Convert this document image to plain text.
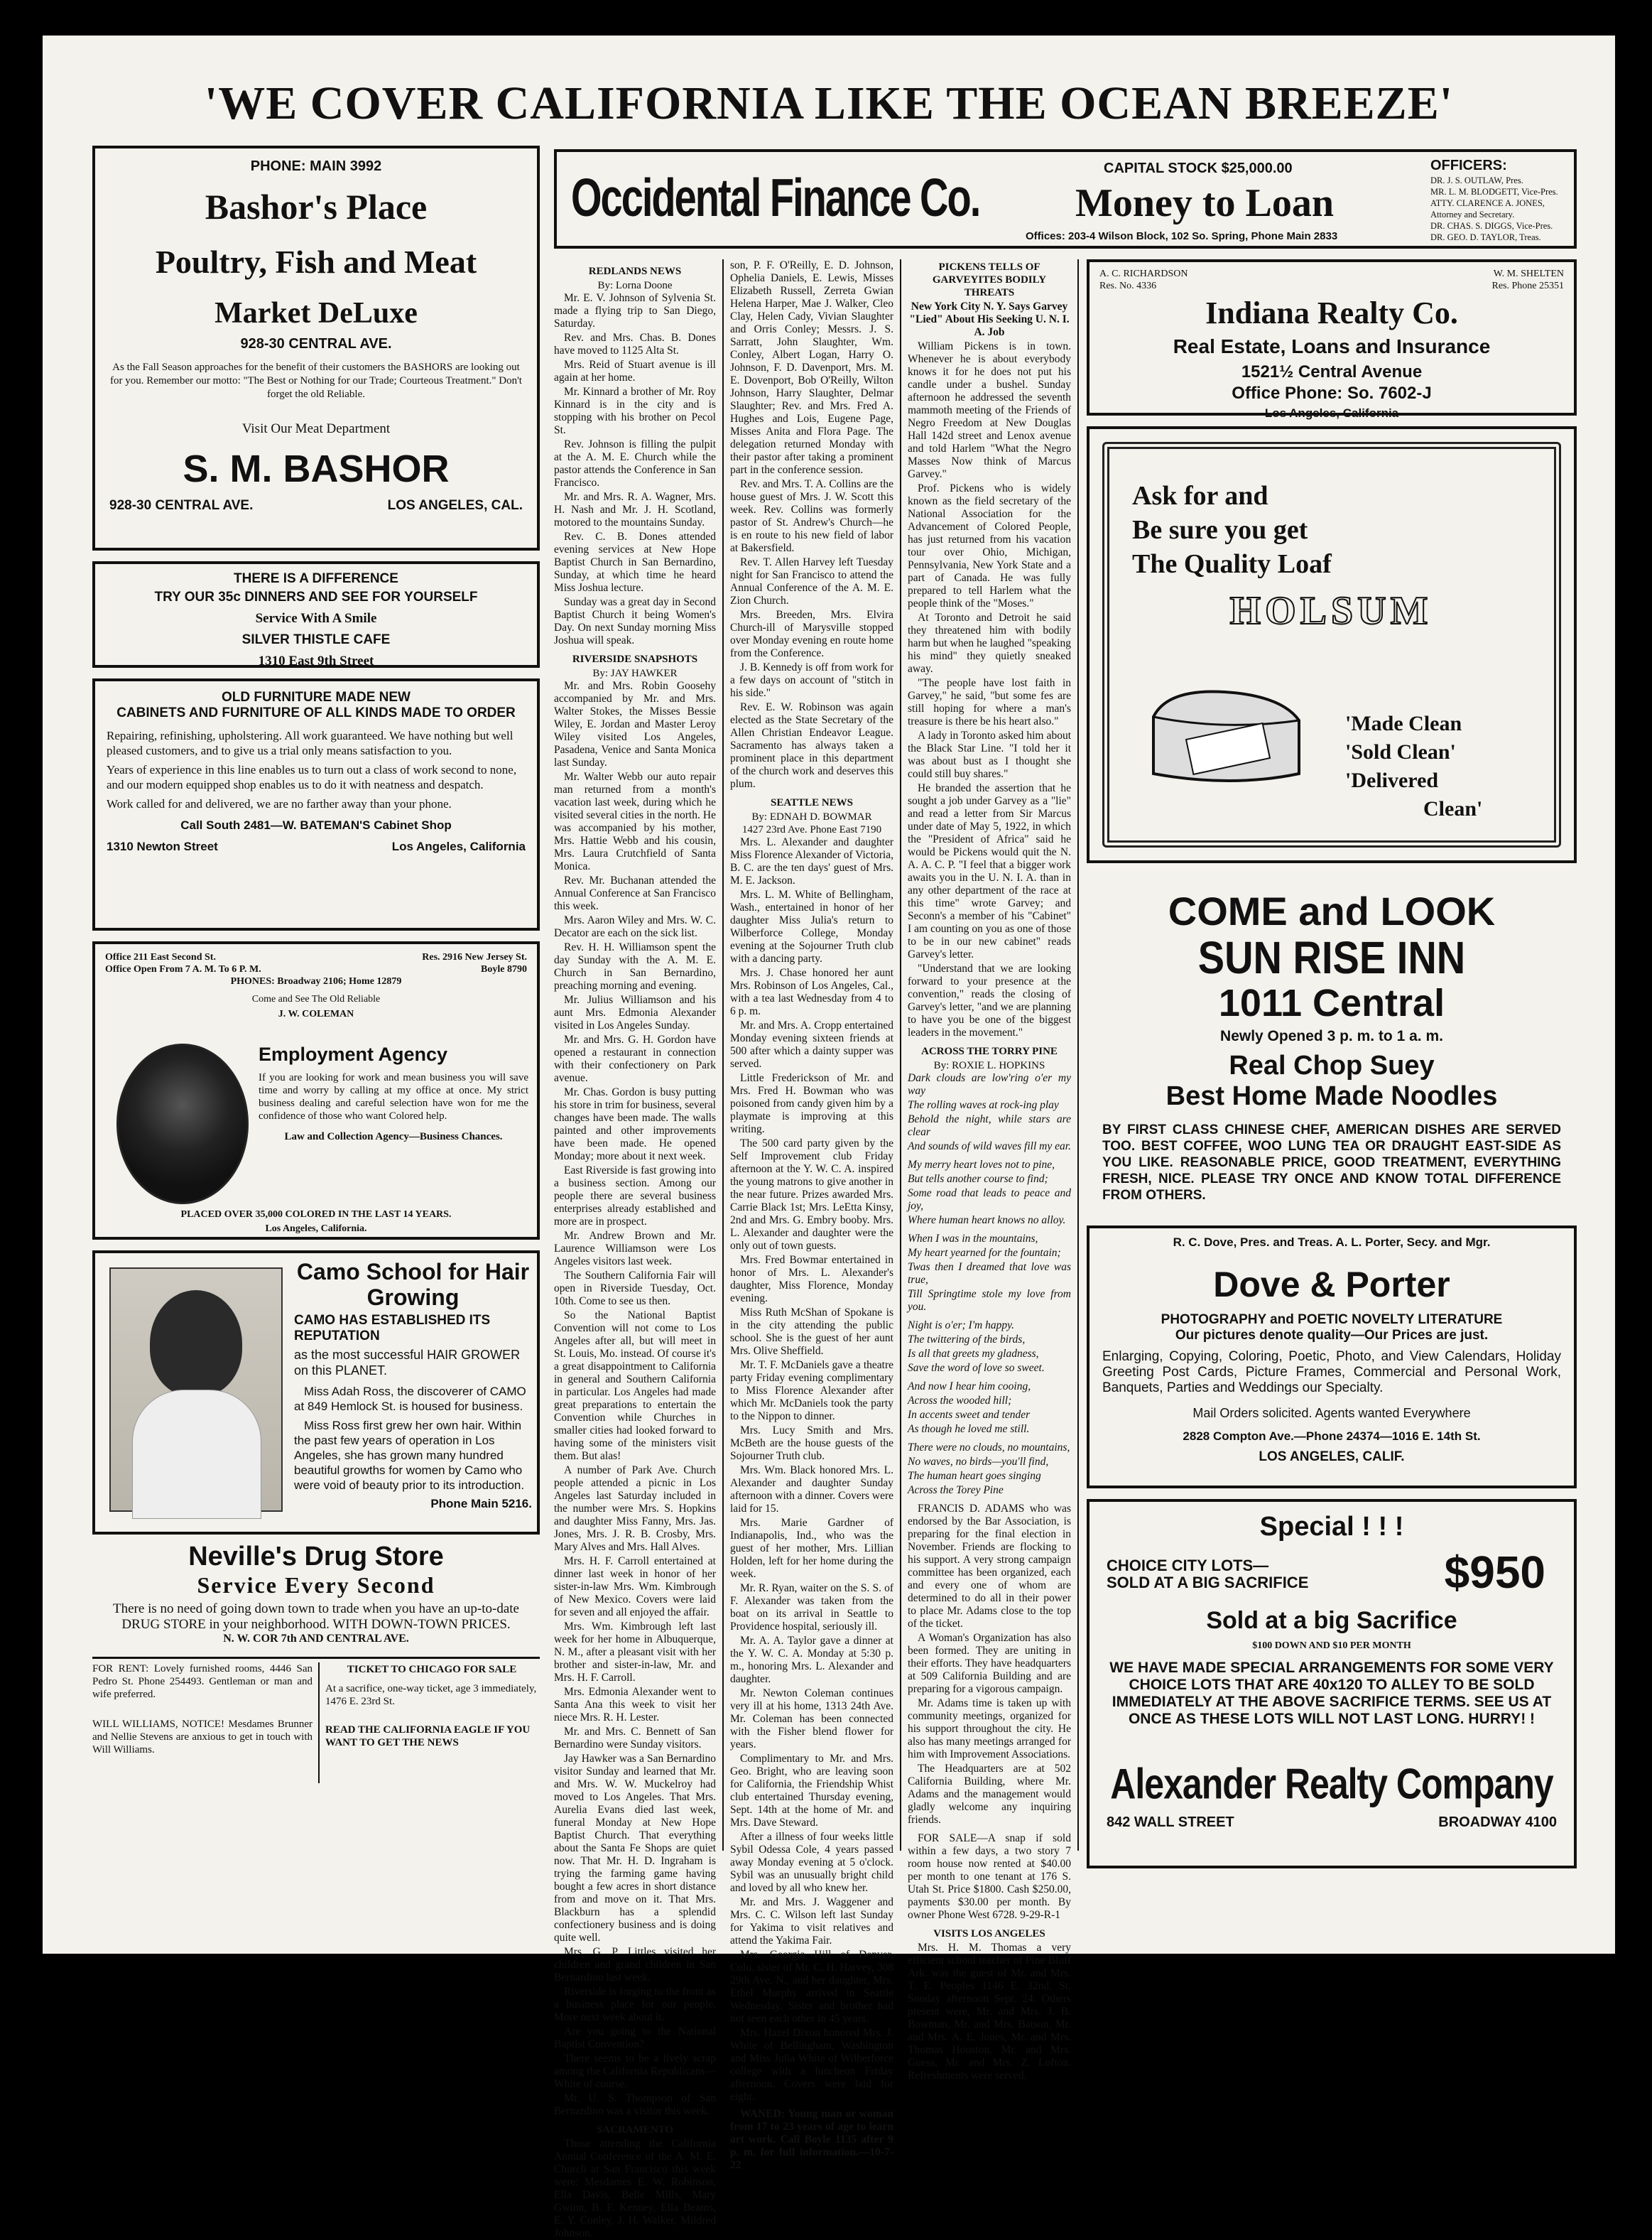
'WE COVER CALIFORNIA LIKE THE OCEAN BREEZE'
PHONE: MAIN 3992
Bashor's Place
Poultry, Fish and Meat
Market DeLuxe
928-30 CENTRAL AVE.
As the Fall Season approaches for the benefit of their customers the BASHORS are looking out for you. Remember our motto: "The Best or Nothing for our Trade; Courteous Treatment." Don't forget the old Reliable.
Visit Our Meat Department
S. M. BASHOR
928-30 CENTRAL AVE.	LOS ANGELES, CAL.
THERE IS A DIFFERENCE
TRY OUR 35c DINNERS AND SEE FOR YOURSELF
Service With A Smile
SILVER THISTLE CAFE
1310 East 9th Street
OLD FURNITURE MADE NEW
CABINETS AND FURNITURE OF ALL KINDS MADE TO ORDER

Repairing, refinishing, upholstering. All work guaranteed. We have nothing but well pleased customers, and to give us a trial only means satisfaction to you.

Years of experience in this line enables us to turn out a class of work second to none, and our modern equipped shop enables us to do it with neatness and despatch.

Work called for and delivered, we are no farther away than your phone.

Call South 2481—W. BATEMAN'S Cabinet Shop
1310 Newton Street	Los Angeles, California
Office 211 East Second St.	Res. 2916 New Jersey St.
Office Open From 7 A. M. To 6 P. M.	Boyle 8790
PHONES: Broadway 2106; Home 12879
Come and See The Old Reliable
J. W. COLEMAN
Employment Agency
If you are looking for work and mean business you will save time and worry by calling at my office at once. My strict business dealing and careful selection have won for me the confidence of those who want Colored help.
Law and Collection Agency—Business Chances.
PLACED OVER 35,000 COLORED IN THE LAST 14 YEARS.
Los Angeles, California.
Camo School for Hair Growing
CAMO HAS ESTABLISHED ITS REPUTATION
as the most successful HAIR GROWER on this PLANET.
Miss Adah Ross, the discoverer of CAMO at 849 Hemlock St. is housed for business.
Miss Ross first grew her own hair. Within the past few years of operation in Los Angeles, she has grown many hundred beautiful growths for women by Camo who were void of beauty prior to its introduction.
Phone Main 5216.
Neville's Drug Store
Service Every Second
There is no need of going down town to trade when you have an up-to-date DRUG STORE in your neighborhood. WITH DOWN-TOWN PRICES.
N. W. COR 7th AND CENTRAL AVE.
FOR RENT: Lovely furnished rooms, 4446 San Pedro St. Phone 254493. Gentleman or man and wife preferred.
WILL WILLIAMS, NOTICE! Mesdames Brunner and Nellie Stevens are anxious to get in touch with Will Williams.
TICKET TO CHICAGO FOR SALE
At a sacrifice, one-way ticket, age 3 immediately, 1476 E. 23rd St.
READ THE CALIFORNIA EAGLE IF YOU WANT TO GET THE NEWS
Occidental Finance Co.	CAPITAL STOCK $25,000.00
Money to Loan
Offices: 203-4 Wilson Block, 102 So. Spring, Phone Main 2833
OFFICERS:
DR. J. S. OUTLAW, Pres.
MR. L. M. BLODGETT, Vice-Pres.
ATTY. CLARENCE A. JONES, Attorney and Secretary.
DR. CHAS. S. DIGGS, Vice-Pres.
DR. GEO. D. TAYLOR, Treas.
REDLANDS NEWS
By: Lorna Doone

Mr. E. V. Johnson of Sylvenia St. made a flying trip to San Diego, Saturday.

Rev. and Mrs. Chas. B. Dones have moved to 1125 Alta St.

Mrs. Reid of Stuart avenue is ill again at her home.

Mr. Kinnard a brother of Mr. Roy Kinnard is in the city and is stopping with his brother on Pecol St.

Rev. Johnson is filling the pulpit at the A. M. E. Church while the pastor attends the Conference in San Francisco.

Mr. and Mrs. R. A. Wagner, Mrs. H. Nash and Mr. J. H. Scotland, motored to the mountains Sunday.

Rev. C. B. Dones attended evening services at New Hope Baptist Church in San Bernardino, Sunday, at which time he heard Miss Joshua lecture.

Sunday was a great day in Second Baptist Church it being Women's Day. On next Sunday morning Miss Joshua will speak.

RIVERSIDE SNAPSHOTS
By: JAY HAWKER

Mr. and Mrs. Robin Goosehy accompanied by Mr. and Mrs. Walter Stokes, the Misses Bessie Wiley, E. Jordan and Master Leroy Wiley visited Los Angeles, Pasadena, Venice and Santa Monica last Sunday.

Mr. Walter Webb our auto repair man returned from a month's vacation last week, during which he visited several cities in the north. He was accompanied by his mother, Mrs. Hattie Webb and his cousin, Mrs. Laura Crutchfield of Santa Monica.

Rev. Mr. Buchanan attended the Annual Conference at San Francisco this week.

Mrs. Aaron Wiley and Mrs. W. C. Decator are each on the sick list.

Rev. H. H. Williamson spent the day Sunday with the A. M. E. Church in San Bernardino, preaching morning and evening.

Mr. Julius Williamson and his aunt Mrs. Edmonia Alexander visited in Los Angeles Sunday.

Mr. and Mrs. G. H. Gordon have opened a restaurant in connection with their confectionery on Park avenue.

Mr. Chas. Gordon is busy putting his store in trim for business, several changes have been made. The walls painted and other improvements have been made. He opened Monday; more about it next week.

East Riverside is fast growing into a business section. Among our people there are several business enterprises already established and more are in prospect.

Mr. Andrew Brown and Mr. Laurence Williamson were Los Angeles visitors last week.

The Southern California Fair will open in Riverside Tuesday, Oct. 10th. Come to see us then.

So the National Baptist Convention will not come to Los Angeles after all, but will meet in St. Louis, Mo. instead. Of course it's a great disappointment to California in general and Southern California in particular. Los Angeles had made great preparations to entertain the Convention while Churches in smaller cities had looked forward to having some of the ministers visit them. But alas!

A number of Park Ave. Church people attended a picnic in Los Angeles last Saturday included in the number were Mrs. S. Hopkins and daughter Miss Fanny, Mrs. Jas. Jones, Mrs. J. R. B. Crosby, Mrs. Mary Alves and Mrs. Hall Alves.

Mrs. H. F. Carroll entertained at dinner last week in honor of her sister-in-law Mrs. Wm. Kimbrough of New Mexico. Covers were laid for seven and all enjoyed the affair.

Mrs. Wm. Kimbrough left last week for her home in Albuquerque, N. M., after a pleasant visit with her brother and sister-in-law, Mr. and Mrs. H. F. Carroll.

Mrs. Edmonia Alexander went to Santa Ana this week to visit her niece Mrs. R. H. Lester.

Mr. and Mrs. C. Bennett of San Bernardino were Sunday visitors.

Jay Hawker was a San Bernardino visitor Sunday and learned that Mr. and Mrs. W. W. Muckelroy had moved to Los Angeles. That Mrs. Aurelia Evans died last week, funeral Monday at New Hope Baptist Church. That everything about the Santa Fe Shops are quiet now. That Mr. H. D. Ingraham is trying the farming game having bought a few acres in short distance from and move on it. That Mrs. Blackburn has a splendid confectionery business and is doing quite well.

Mrs. G. P. Littles visited her children and grand children in San Bernardino last week.

Riverside is forging to the front as a business place for our people. More next week about it.

Are you going to the National Baptist Convention?

There seems to be a lively scrap among the California Republicans—White of course.

Mr. U. S. Thompson of San Bernardino was a visitor this week.

SACRAMENTO

Those attending the California Annual Conference of the A. M. E. Church at San Francisco this week were: Mesdames E. W. Robinson, Ella Davis, Belle Mills, Mary Gwinn, B. F. Kenney, Ella Beams, E. Y. Conley, J. H. Walker, Mildred Johnson.

son, P. F. O'Reilly, E. D. Johnson, Ophelia Daniels, E. Lewis, Misses Elizabeth Russell, Zerreta Gwian Helena Harper, Mae J. Walker, Cleo Clay, Helen Cady, Vivian Slaughter and Orris Conley; Messrs. J. S. Sarratt, John Slaughter, Wm. Conley, Albert Logan, Harry O. Johnson, F. D. Davenport, Mrs. M. E. Dovenport, Bob O'Reilly, Wilton Johnson, Harry Slaughter, Delmar Slaughter; Rev. and Mrs. Fred A. Hughes and Lois, Eugene Page, Misses Anita and Flora Page. The delegation returned Monday with their pastor after taking a prominent part in the conference session.

Rev. and Mrs. T. A. Collins are the house guest of Mrs. J. W. Scott this week. Rev. Collins was formerly pastor of St. Andrew's Church—he is en route to his new field of labor at Bakersfield.

Rev. T. Allen Harvey left Tuesday night for San Francisco to attend the Annual Conference of the A. M. E. Zion Church.

Mrs. Breeden, Mrs. Elvira Church-ill of Marysville stopped over Monday evening en route home from the Conference.

J. B. Kennedy is off from work for a few days on account of "stitch in his side."

Rev. E. W. Robinson was again elected as the State Secretary of the Allen Christian Endeavor League. Sacramento has always taken a prominent place in this department of the church work and deserves this plum.

SEATTLE NEWS
By: EDNAH D. BOWMAR
1427 23rd Ave. Phone East 7190

Mrs. L. Alexander and daughter Miss Florence Alexander of Victoria, B. C. are the ten days' guest of Mrs. M. E. Jackson.

Mrs. L. M. White of Bellingham, Wash., entertained in honor of her daughter Miss Julia's return to Wilberforce College, Monday evening at the Sojourner Truth club with a dancing party.

Mrs. J. Chase honored her aunt Mrs. Robinson of Los Angeles, Cal., with a tea last Wednesday from 4 to 6 p. m.

Mr. and Mrs. A. Cropp entertained Monday evening sixteen friends at 500 after which a dainty supper was served.

Little Frederickson of Mr. and Mrs. Fred H. Bowman who was poisoned from candy given him by a playmate is improving at this writing.

The 500 card party given by the Self Improvement club Friday afternoon at the Y. W. C. A. inspired the young matrons to give another in the near future. Prizes awarded Mrs. Carrie Black 1st; Mrs. LeEtta Kinsy, 2nd and Mrs. G. Embry booby. Mrs. L. Alexander and daughter were the only out of town guests.

Mrs. Fred Bowmar entertained in honor of Mrs. L. Alexander's daughter, Miss Florence, Monday evening.

Miss Ruth McShan of Spokane is in the city attending the public school. She is the guest of her aunt Mrs. Olive Sheffield.

Mr. T. F. McDaniels gave a theatre party Friday evening complimentary to Miss Florence Alexander after which Mr. McDaniels took the party to the Nippon to dinner.

Mrs. Lucy Smith and Mrs. McBeth are the house guests of the Sojourner Truth club.

Mrs. Wm. Black honored Mrs. L. Alexander and daughter Sunday afternoon with a dinner. Covers were laid for 15.

Mrs. Marie Gardner of Indianapolis, Ind., who was the guest of her mother, Mrs. Lillian Holden, left for her home during the week.

Mr. R. Ryan, waiter on the S. S. of F. Alexander was taken from the boat on its arrival in Seattle to Providence hospital, seriously ill.

Mr. A. A. Taylor gave a dinner at the Y. W. C. A. Monday at 5:30 p. m., honoring Mrs. L. Alexander and daughter.

Mr. Newton Coleman continues very ill at his home, 1313 24th Ave. Mr. Coleman has been connected with the Fisher blend flower for years.

Complimentary to Mr. and Mrs. Geo. Bright, who are leaving soon for California, the Friendship Whist club entertained Thursday evening, Sept. 14th at the home of Mr. and Mrs. Dave Steward.

After a illness of four weeks little Sybil Odessa Cole, 4 years passed away Monday evening at 5 o'clock. Sybil was an unusually bright child and loved by all who knew her.

Mr. and Mrs. J. Waggener and Mrs. C. C. Wilson left last Sunday for Yakima to visit relatives and attend the Yakima Fair.

Mrs. Georgia Hill of Denver, Colo. sister of Mr. C. H. Harvey, 308 29th Ave. N., and her daughter, Mrs. Ethel Murphy arrived in Seattle Wednesday. Sister and brother had not seen each other in 45 years.

Mrs. Hazel Dixon honored Mrs. J. White of Bellingham, Washington and Miss Julia White of Wilberforce college with a luncheon Friday afternoon. Covers were laid for eight.

WANED: Young man or woman from 17 to 23 years of age to learn art work. Call Boyle 1135 after 9 p. m. for full information.—10-7-22

PICKENS TELLS OF GARVEYITES BODILY THREATS

New York City N. Y. Says Garvey "Lied" About His Seeking U. N. I. A. Job

William Pickens is in town. Whenever he is about everybody knows it for he does not put his candle under a bushel. Sunday afternoon he addressed the seventh mammoth meeting of the Friends of Negro Freedom at New Douglas Hall 142d street and Lenox avenue and told Harlem "What the Negro Masses Now think of Marcus Garvey."

Prof. Pickens who is widely known as the field secretary of the National Association for the Advancement of Colored People, has just returned from his vacation tour over Ohio, Michigan, Pennsylvania, New York State and a part of Canada. He was fully prepared to tell Harlem what the people think of the "Moses."

At Toronto and Detroit he said they threatened him with bodily harm but when he laughed "speaking his mind" they quietly sneaked away.

"The people have lost faith in Garvey," he said, "but some fes are still hoping for where a man's treasure is there be his heart also."

A lady in Toronto asked him about the Black Star Line. "I told her it was about bust as I thought she could still buy shares."

He branded the assertion that he sought a job under Garvey as a "lie" and read a letter from Sir Marcus under date of May 5, 1922, in which the "President of Africa" said he would be Pickens would quit the N. A. A. C. P. "I feel that a bigger work awaits you in the U. N. I. A. than in any other department of the race at this time" wrote Garvey; and Seconn's a member of his "Cabinet" I am counting on you as one of those to be in our new cabinet" reads Garvey's letter.

"Understand that we are looking forward to your presence at the convention," reads the closing of Garvey's letter, "and we are planning to have you be one of the biggest leaders in the movement."

ACROSS THE TORRY PINE
By: ROXIE L. HOPKINS

Dark clouds are low'ring o'er my way

The rolling waves at rock-ing play

Behold the night, while stars are clear

And sounds of wild waves fill my ear.

My merry heart loves not to pine,

But tells another course to find;

Some road that leads to peace and joy,

Where human heart knows no alloy.

When I was in the mountains,

My heart yearned for the fountain;

Twas then I dreamed that love was true,

Till Springtime stole my love from you.

Night is o'er; I'm happy.

The twittering of the birds,

Is all that greets my gladness,

Save the word of love so sweet.

And now I hear him cooing,

Across the wooded hill;

In accents sweet and tender

As though he loved me still.

There were no clouds, no mountains,

No waves, no birds—you'll find,

The human heart goes singing

Across the Torey Pine

FRANCIS D. ADAMS who was endorsed by the Bar Association, is preparing for the final election in November. Friends are flocking to his support. A very strong campaign committee has been organized, each and every one of whom are determined to do all in their power to place Mr. Adams close to the top of the ticket.

A Woman's Organization has also been formed. They are uniting in their efforts. They have headquarters at 509 California Building and are preparing for a vigorous campaign.

Mr. Adams time is taken up with community meetings, organized for his support throughout the city. He also has many meetings arranged for him with Improvement Associations.

The Headquarters are at 502 California Building, where Mr. Adams and the management would gladly welcome any inquiring friends.

FOR SALE—A snap if sold within a few days, a two story 7 room house now rented at $40.00 per month to one tenant at 176 S. Utah St. Price $1800. Cash $250.00, payments $30.00 per month. By owner Phone West 6728. 9-29-R-1

VISITS LOS ANGELES

Mrs. H. M. Thomas a very efficient school teacher of Pine Bluff Ark. was the guest of Mr. and Mrs. T. E. Peoples 1146 E. 32nd. St. Sunday afternoon Sept. 24. Others present were, Mr. and Mrs. J. B. Bowman, Mr. and Mrs. Batson, Mr. and Mrs. A. E. Jones, Mr. and Mrs. Thomas Houston, Mr. and Mrs. Guess, Mr. and Mrs. Z. Lofton. Refreshments were served.

A. C. RICHARDSON	W. M. SHELTEN
Res. No. 4336	Res. Phone 25351
Indiana Realty Co.
Real Estate, Loans and Insurance
1521½ Central Avenue
Office Phone: So. 7602-J
Los Angeles, California
Ask for and
Be sure you get
The Quality Loaf
HOLSUM
'Made Clean
'Sold Clean'
'Delivered
Clean'
COME and LOOK
SUN RISE INN
1011 Central
Newly Opened 3 p. m. to 1 a. m.
Real Chop Suey
Best Home Made Noodles
BY FIRST CLASS CHINESE CHEF, AMERICAN DISHES ARE SERVED TOO. BEST COFFEE, WOO LUNG TEA OR DRAUGHT EAST-SIDE AS YOU LIKE. REASONABLE PRICE, GOOD TREATMENT, EVERYTHING FRESH, NICE. PLEASE TRY ONCE AND KNOW TOTAL DIFFERENCE FROM OTHERS.
R. C. Dove, Pres. and Treas. A. L. Porter, Secy. and Mgr.
Dove & Porter
PHOTOGRAPHY and POETIC NOVELTY LITERATURE
Our pictures denote quality—Our Prices are just.
Enlarging, Copying, Coloring, Poetic, Photo, and View Calendars, Holiday Greeting Post Cards, Picture Frames, Commercial and Personal Work, Banquets, Parties and Weddings our Specialty.
Mail Orders solicited. Agents wanted Everywhere
2828 Compton Ave.—Phone 24374—1016 E. 14th St.
LOS ANGELES, CALIF.
Special ! ! !
CHOICE CITY LOTS—
SOLD AT A BIG SACRIFICE	$950
Sold at a big Sacrifice
$100 DOWN AND $10 PER MONTH
WE HAVE MADE SPECIAL ARRANGEMENTS FOR SOME VERY CHOICE LOTS THAT ARE 40x120 TO ALLEY TO BE SOLD IMMEDIATELY AT THE ABOVE SACRIFICE TERMS. SEE US AT ONCE AS THESE LOTS WILL NOT LAST LONG. HURRY! !
Alexander Realty Company
842 WALL STREET	BROADWAY 4100
